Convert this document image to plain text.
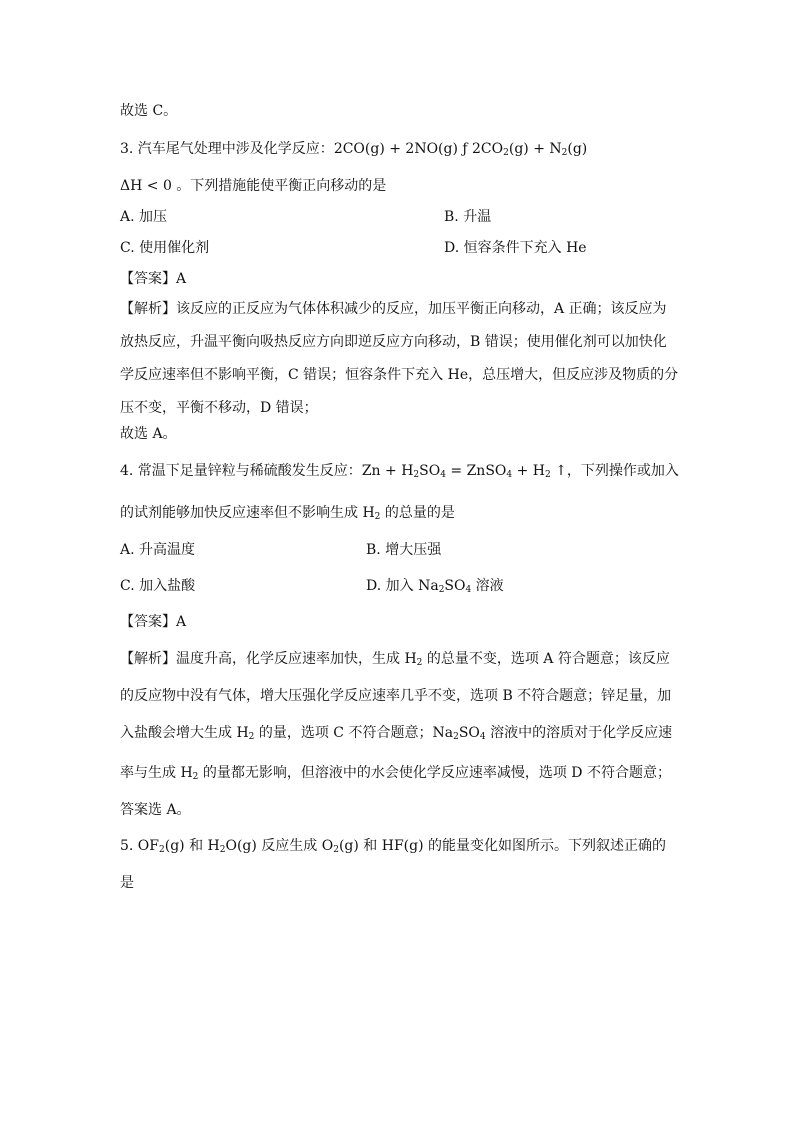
故选 C。
3. 汽车尾气处理中涉及化学反应：2CO(g) + 2NO(g) ƒ $2CO_2(g) + N_2(g)$
ΔH < 0 。下列措施能使平衡正向移动的是
A. 加压	B. 升温
C. 使用催化剂	D. 恒容条件下充入 He
【答案】A
【解析】该反应的正反应为气体体积减少的反应，加压平衡正向移动，A 正确；该反应为放热反应，升温平衡向吸热反应方向即逆反应方向移动，B 错误；使用催化剂可以加快化学反应速率但不影响平衡，C 错误；恒容条件下充入 He，总压增大，但反应涉及物质的分压不变，平衡不移动，D 错误；
故选 A。
4. 常温下足量锌粒与稀硫酸发生反应：$Zn + H_2SO_4$ = ZnSO$_4$ + $H_2$ ↑，下列操作或加入
的试剂能够加快反应速率但不影响生成 $H_2$ 的总量的是
A. 升高温度	B. 增大压强
C. 加入盐酸	D. 加入 $Na_2SO_4$ 溶液
【答案】A
【解析】温度升高，化学反应速率加快，生成 $H_2$ 的总量不变，选项 A 符合题意；该反应
的反应物中没有气体，增大压强化学反应速率几乎不变，选项 B 不符合题意；锌足量，加
入盐酸会增大生成 $H_2$ 的量，选项 C 不符合题意；$Na_2SO_4$ 溶液中的溶质对于化学反应速
率与生成 $H_2$ 的量都无影响，但溶液中的水会使化学反应速率减慢，选项 D 不符合题意；
答案选 A。
5. $OF_2(g)$ 和 $H_2O(g)$ 反应生成 $O_2(g)$ 和 HF(g) 的能量变化如图所示。下列叙述正确的
是
